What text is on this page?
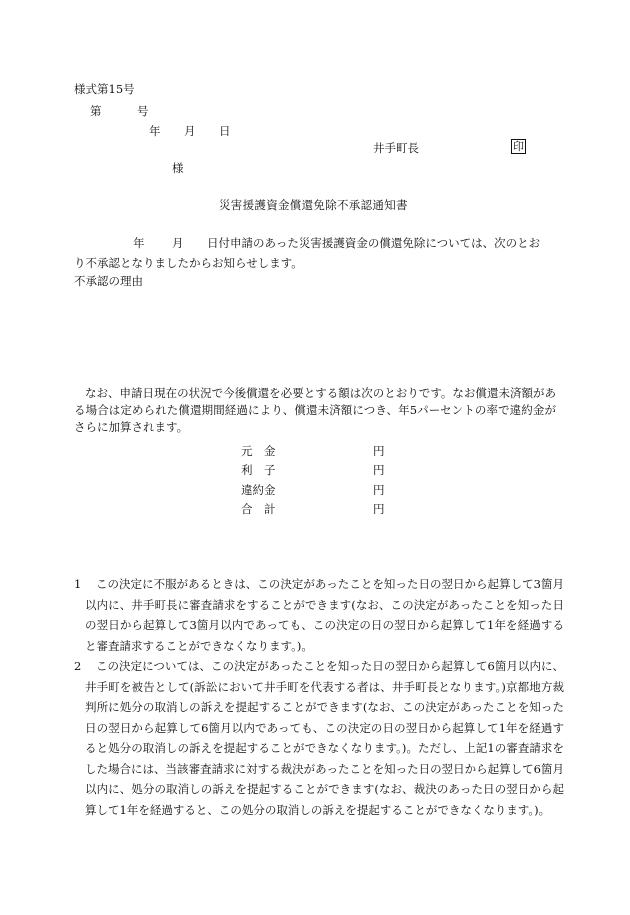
様式第15号
第	号
年 月 日
井手町長	印
様
災害援護資金償還免除不承認通知書
年 月 日付申請のあった災害援護資金の償還免除については、次のとお
り不承認となりましたからお知らせします。
不承認の理由
なお、申請日現在の状況で今後償還を必要とする額は次のとおりです。なお償還未済額がある場合は定められた償還期間経過により、償還未済額につき、年5パーセントの率で違約金がさらに加算されます。
元　金	円
利　子	円
違約金	円
合　計	円
1	この決定に不服があるときは、この決定があったことを知った日の翌日から起算して3箇月以内に、井手町長に審査請求をすることができます(なお、この決定があったことを知った日の翌日から起算して3箇月以内であっても、この決定の日の翌日から起算して1年を経過すると審査請求することができなくなります。)。
2	この決定については、この決定があったことを知った日の翌日から起算して6箇月以内に、井手町を被告として(訴訟において井手町を代表する者は、井手町長となります。)京都地方裁判所に処分の取消しの訴えを提起することができます(なお、この決定があったことを知った日の翌日から起算して6箇月以内であっても、この決定の日の翌日から起算して1年を経過すると処分の取消しの訴えを提起することができなくなります。)。ただし、上記1の審査請求をした場合には、当該審査請求に対する裁決があったことを知った日の翌日から起算して6箇月以内に、処分の取消しの訴えを提起することができます(なお、裁決のあった日の翌日から起算して1年を経過すると、この処分の取消しの訴えを提起することができなくなります。)。
